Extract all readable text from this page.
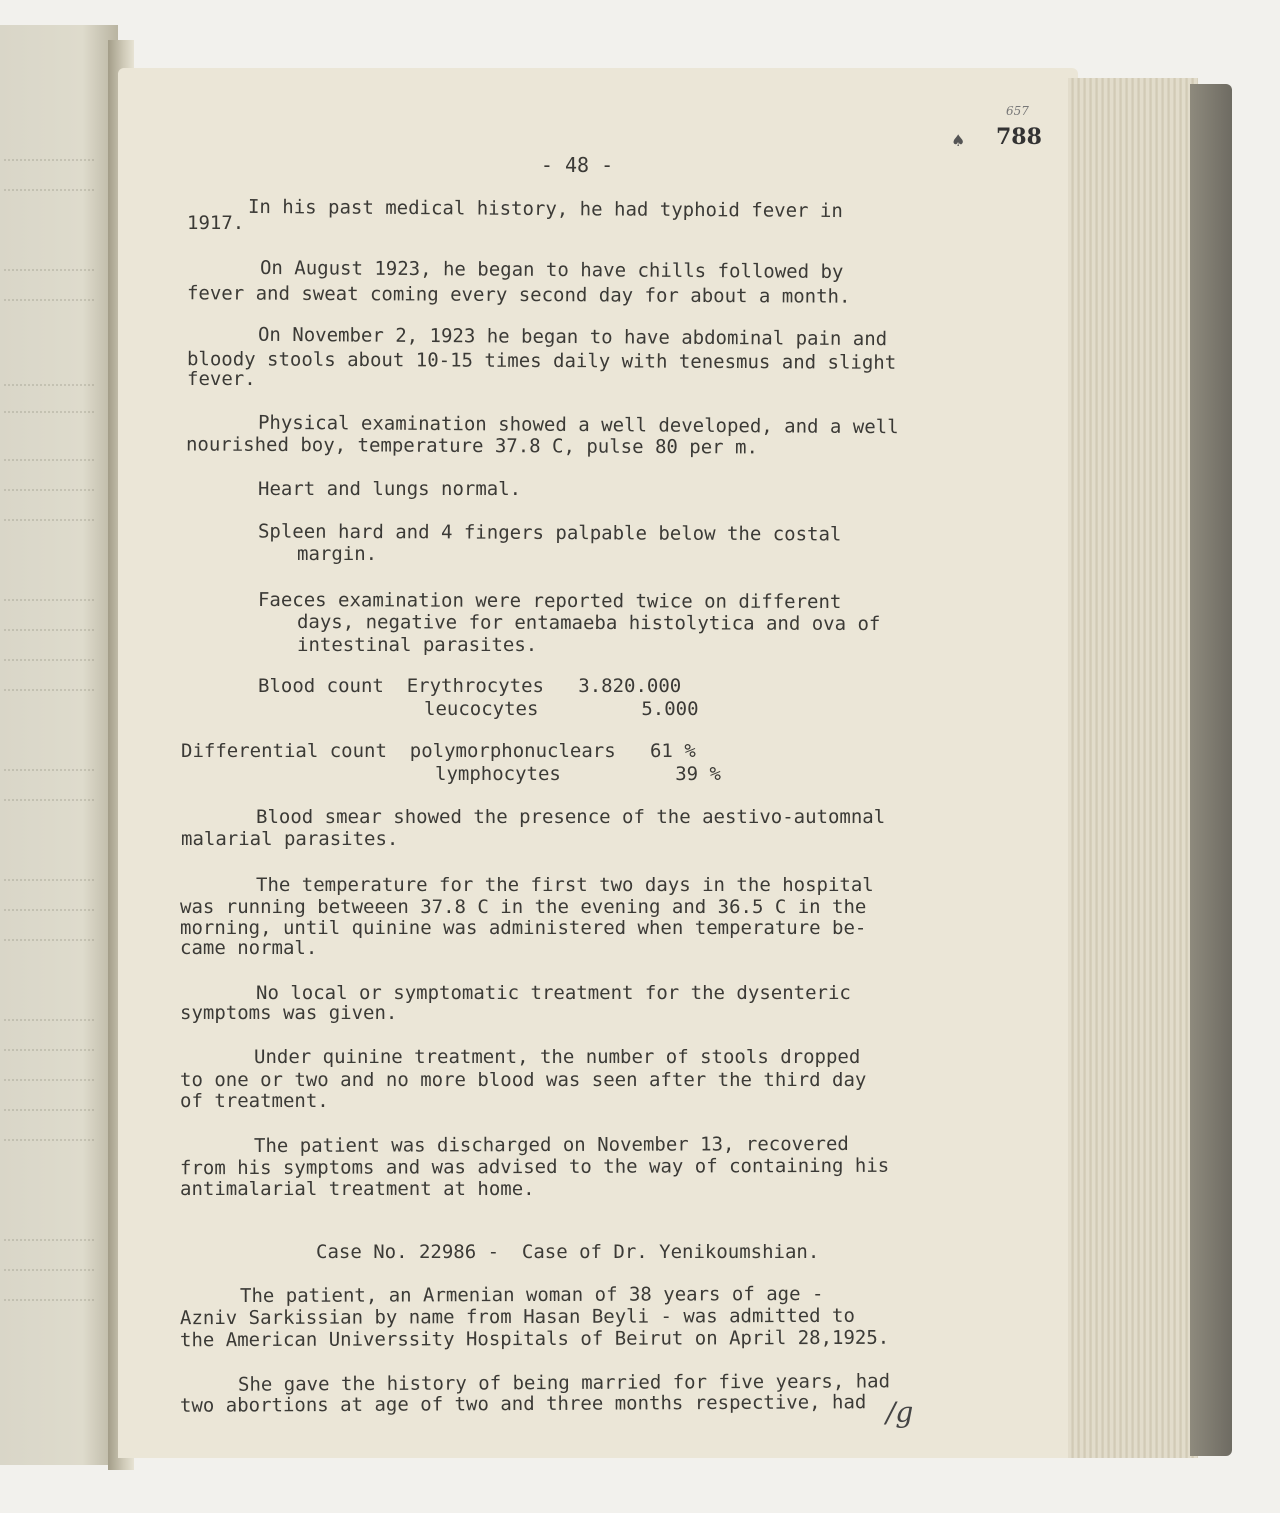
657
♠ 788
- 48 -
In his past medical history, he had typhoid fever in
1917.
On August 1923, he began to have chills followed by
fever and sweat coming every second day for about a month.
On November 2, 1923 he began to have abdominal pain and
bloody stools about 10-15 times daily with tenesmus and slight
fever.
Physical examination showed a well developed, and a well
nourished boy, temperature 37.8 C, pulse 80 per m.
Heart and lungs normal.
Spleen hard and 4 fingers palpable below the costal
margin.
Faeces examination were reported twice on different
days, negative for entamaeba histolytica and ova of
intestinal parasites.
Blood count  Erythrocytes   3.820.000
leucocytes         5.000
Differential count  polymorphonuclears   61 %
lymphocytes          39 %
Blood smear showed the presence of the aestivo-automnal
malarial parasites.
The temperature for the first two days in the hospital
was running betweeen 37.8 C in the evening and 36.5 C in the
morning, until quinine was administered when temperature be-
came normal.
No local or symptomatic treatment for the dysenteric
symptoms was given.
Under quinine treatment, the number of stools dropped
to one or two and no more blood was seen after the third day
of treatment.
The patient was discharged on November 13, recovered
from his symptoms and was advised to the way of containing his
antimalarial treatment at home.
Case No. 22986 -  Case of Dr. Yenikoumshian.
The patient, an Armenian woman of 38 years of age -
Azniv Sarkissian by name from Hasan Beyli - was admitted to
the American Universsity Hospitals of Beirut on April 28,1925.
She gave the history of being married for five years, had
two abortions at age of two and three months respective, had /g
